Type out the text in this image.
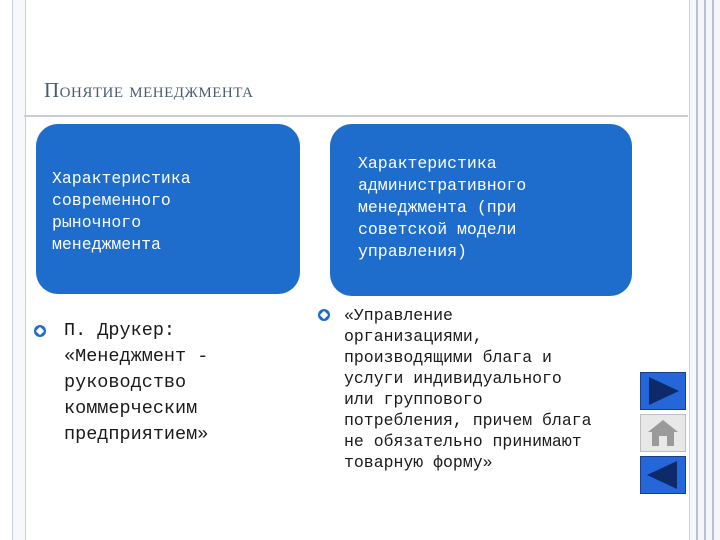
Понятие менеджмента
Характеристика
современного
рыночного
менеджмента
Характеристика
административного
менеджмента (при
советской модели
управления)
П. Друкер:
«Менеджмент -
руководство
коммерческим
предприятием»
«Управление
организациями,
производящими блага и
услуги индивидуального
или группового
потребления, причем блага
не обязательно принимают
товарную форму»
